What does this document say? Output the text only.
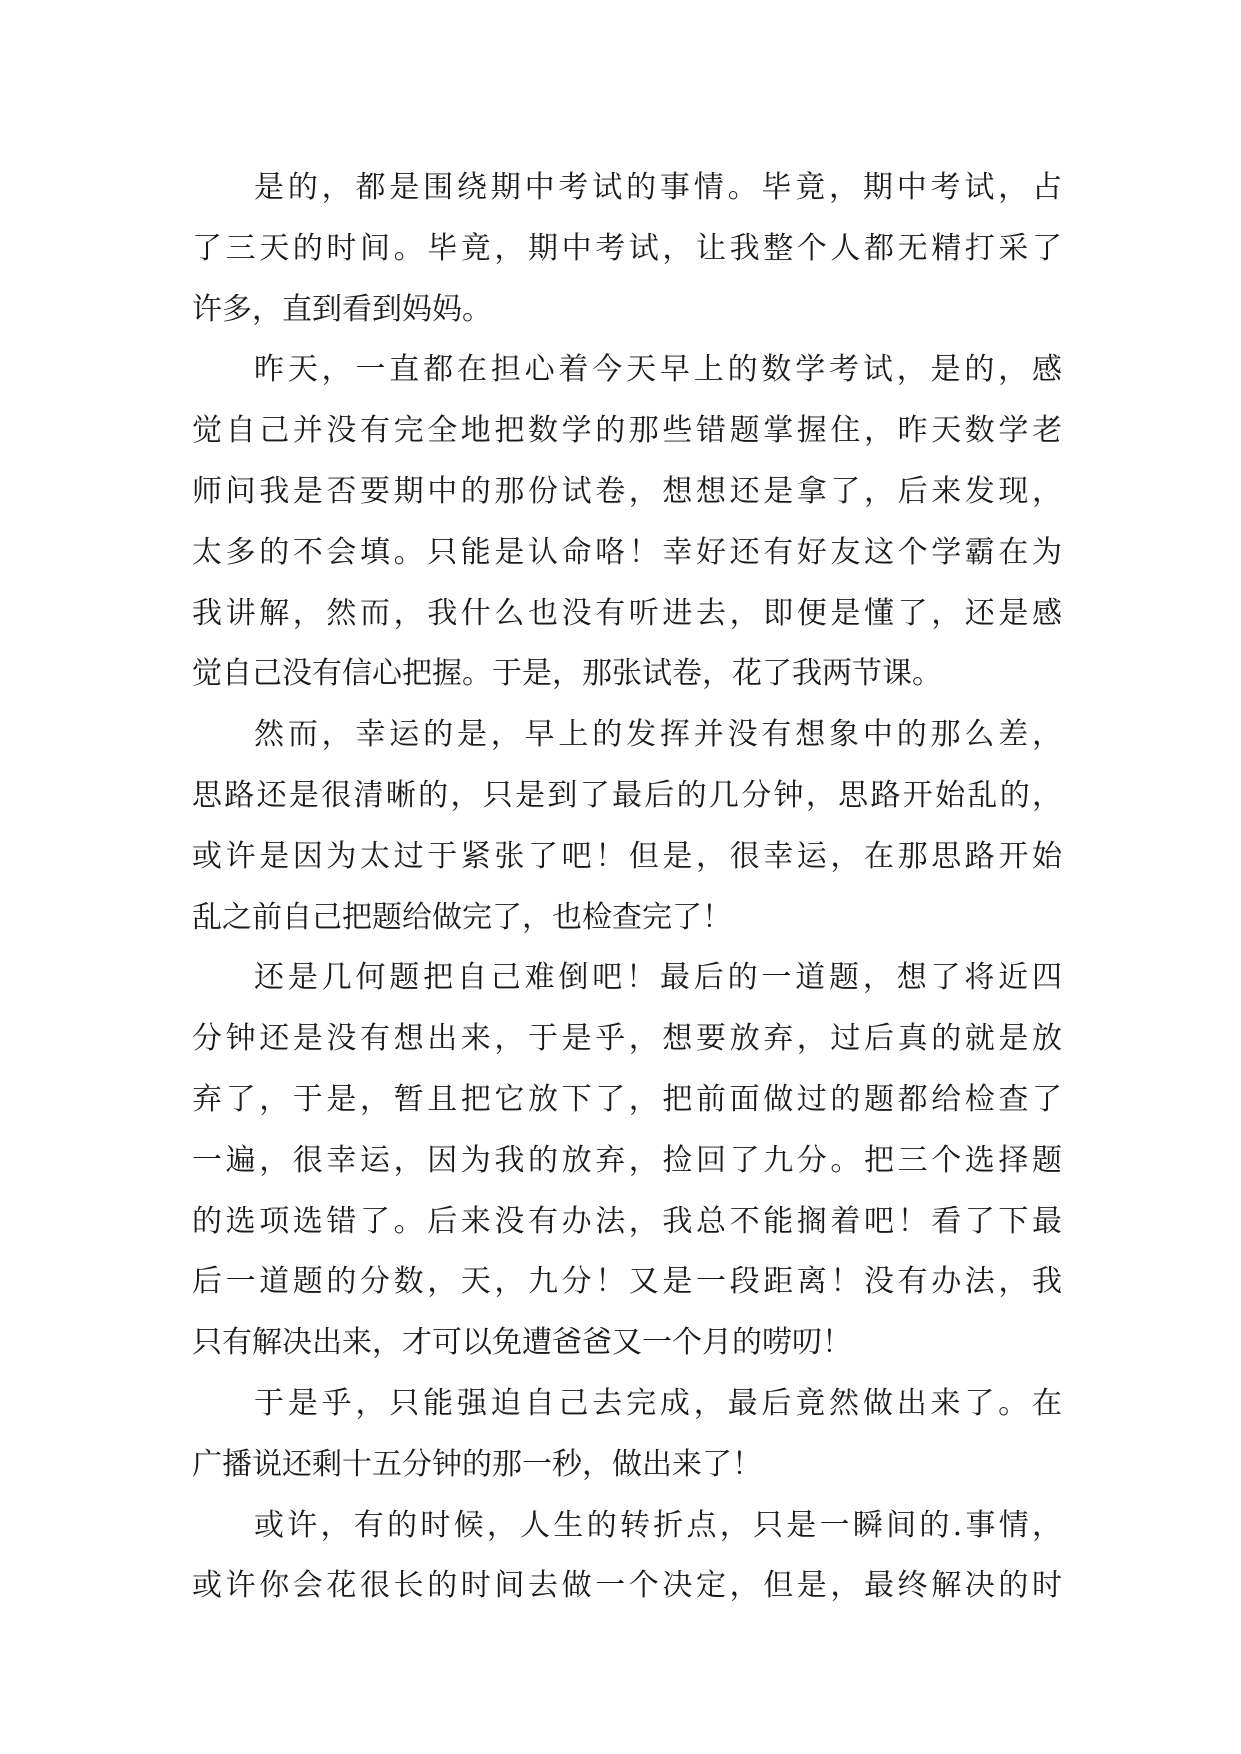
是的，都是围绕期中考试的事情。毕竟，期中考试，占
了三天的时间。毕竟，期中考试，让我整个人都无精打采了
许多，直到看到妈妈。
昨天，一直都在担心着今天早上的数学考试，是的，感
觉自己并没有完全地把数学的那些错题掌握住，昨天数学老
师问我是否要期中的那份试卷，想想还是拿了，后来发现，
太多的不会填。只能是认命咯！幸好还有好友这个学霸在为
我讲解，然而，我什么也没有听进去，即便是懂了，还是感
觉自己没有信心把握。于是，那张试卷，花了我两节课。
然而，幸运的是，早上的发挥并没有想象中的那么差，
思路还是很清晰的，只是到了最后的几分钟，思路开始乱的，
或许是因为太过于紧张了吧！但是，很幸运，在那思路开始
乱之前自己把题给做完了，也检查完了！
还是几何题把自己难倒吧！最后的一道题，想了将近四
分钟还是没有想出来，于是乎，想要放弃，过后真的就是放
弃了，于是，暂且把它放下了，把前面做过的题都给检查了
一遍，很幸运，因为我的放弃，捡回了九分。把三个选择题
的选项选错了。后来没有办法，我总不能搁着吧！看了下最
后一道题的分数，天，九分！又是一段距离！没有办法，我
只有解决出来，才可以免遭爸爸又一个月的唠叨！
于是乎，只能强迫自己去完成，最后竟然做出来了。在
广播说还剩十五分钟的那一秒，做出来了！
或许，有的时候，人生的转折点，只是一瞬间的.事情，
或许你会花很长的时间去做一个决定，但是，最终解决的时
